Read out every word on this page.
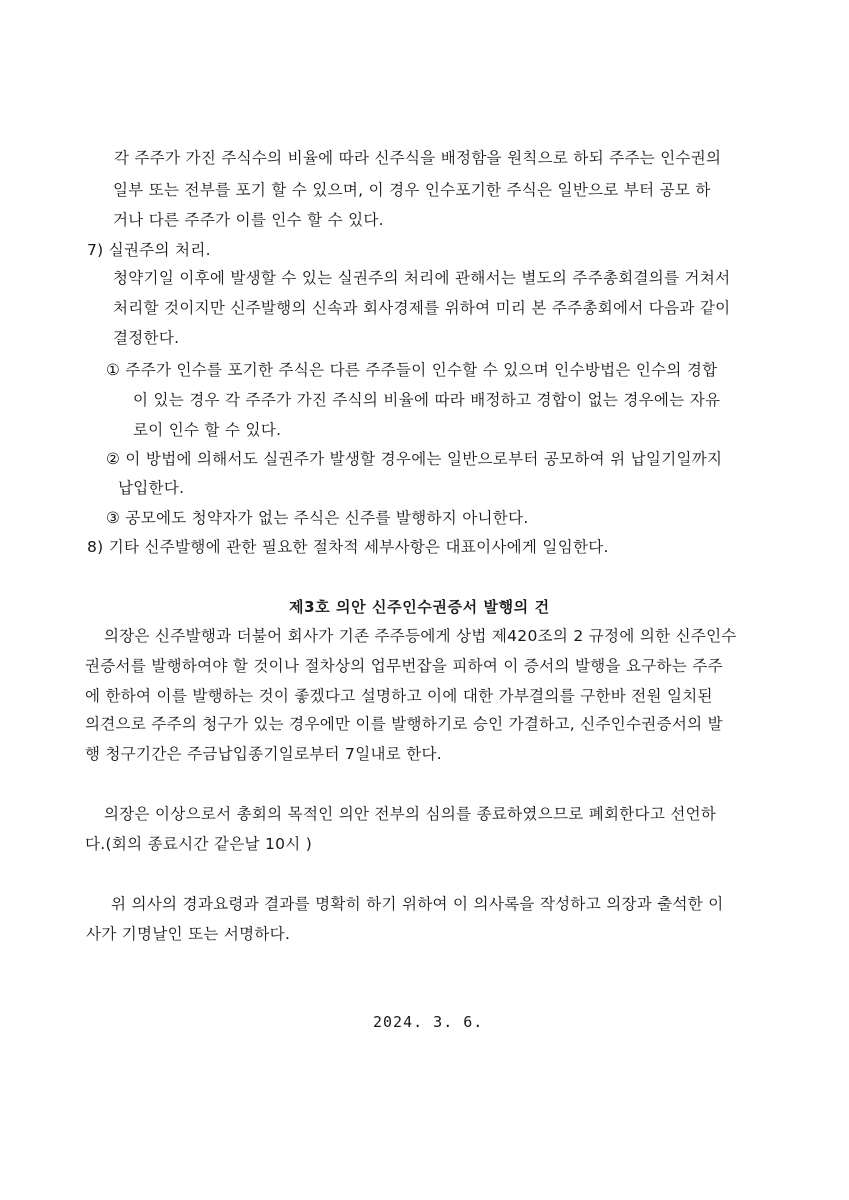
각 주주가 가진 주식수의 비율에 따라 신주식을 배정함을 원칙으로 하되 주주는 인수권의
일부 또는 전부를 포기 할 수 있으며, 이 경우 인수포기한 주식은 일반으로 부터 공모 하
거나 다른 주주가 이를 인수 할 수 있다.
7) 실권주의 처리.
청약기일 이후에 발생할 수 있는 실권주의 처리에 관해서는 별도의 주주총회결의를 거쳐서
처리할 것이지만 신주발행의 신속과 회사경제를 위하여 미리 본 주주총회에서 다음과 같이
결정한다.
① 주주가 인수를 포기한 주식은 다른 주주들이 인수할 수 있으며 인수방법은 인수의 경합
이 있는 경우 각 주주가 가진 주식의 비율에 따라 배정하고 경합이 없는 경우에는 자유
로이 인수 할 수 있다.
② 이 방법에 의해서도 실권주가 발생할 경우에는 일반으로부터 공모하여 위 납일기일까지
납입한다.
③ 공모에도 청약자가 없는 주식은 신주를 발행하지 아니한다.
8) 기타 신주발행에 관한 필요한 절차적 세부사항은 대표이사에게 일임한다.
제3호 의안 신주인수권증서 발행의 건
의장은 신주발행과 더불어 회사가 기존 주주등에게 상법 제420조의 2 규정에 의한 신주인수
권증서를 발행하여야 할 것이나 절차상의 업무번잡을 피하여 이 증서의 발행을 요구하는 주주
에 한하여 이를 발행하는 것이 좋겠다고 설명하고 이에 대한 가부결의를 구한바 전원 일치된
의견으로 주주의 청구가 있는 경우에만 이를 발행하기로 승인 가결하고, 신주인수권증서의 발
행 청구기간은 주금납입종기일로부터 7일내로 한다.
의장은 이상으로서 총회의 목적인 의안 전부의 심의를 종료하였으므로 폐회한다고 선언하
다.(회의 종료시간 같은날 10시 )
위 의사의 경과요령과 결과를 명확히 하기 위하여 이 의사록을 작성하고 의장과 출석한 이
사가 기명날인 또는 서명하다.
2024. 3. 6.
